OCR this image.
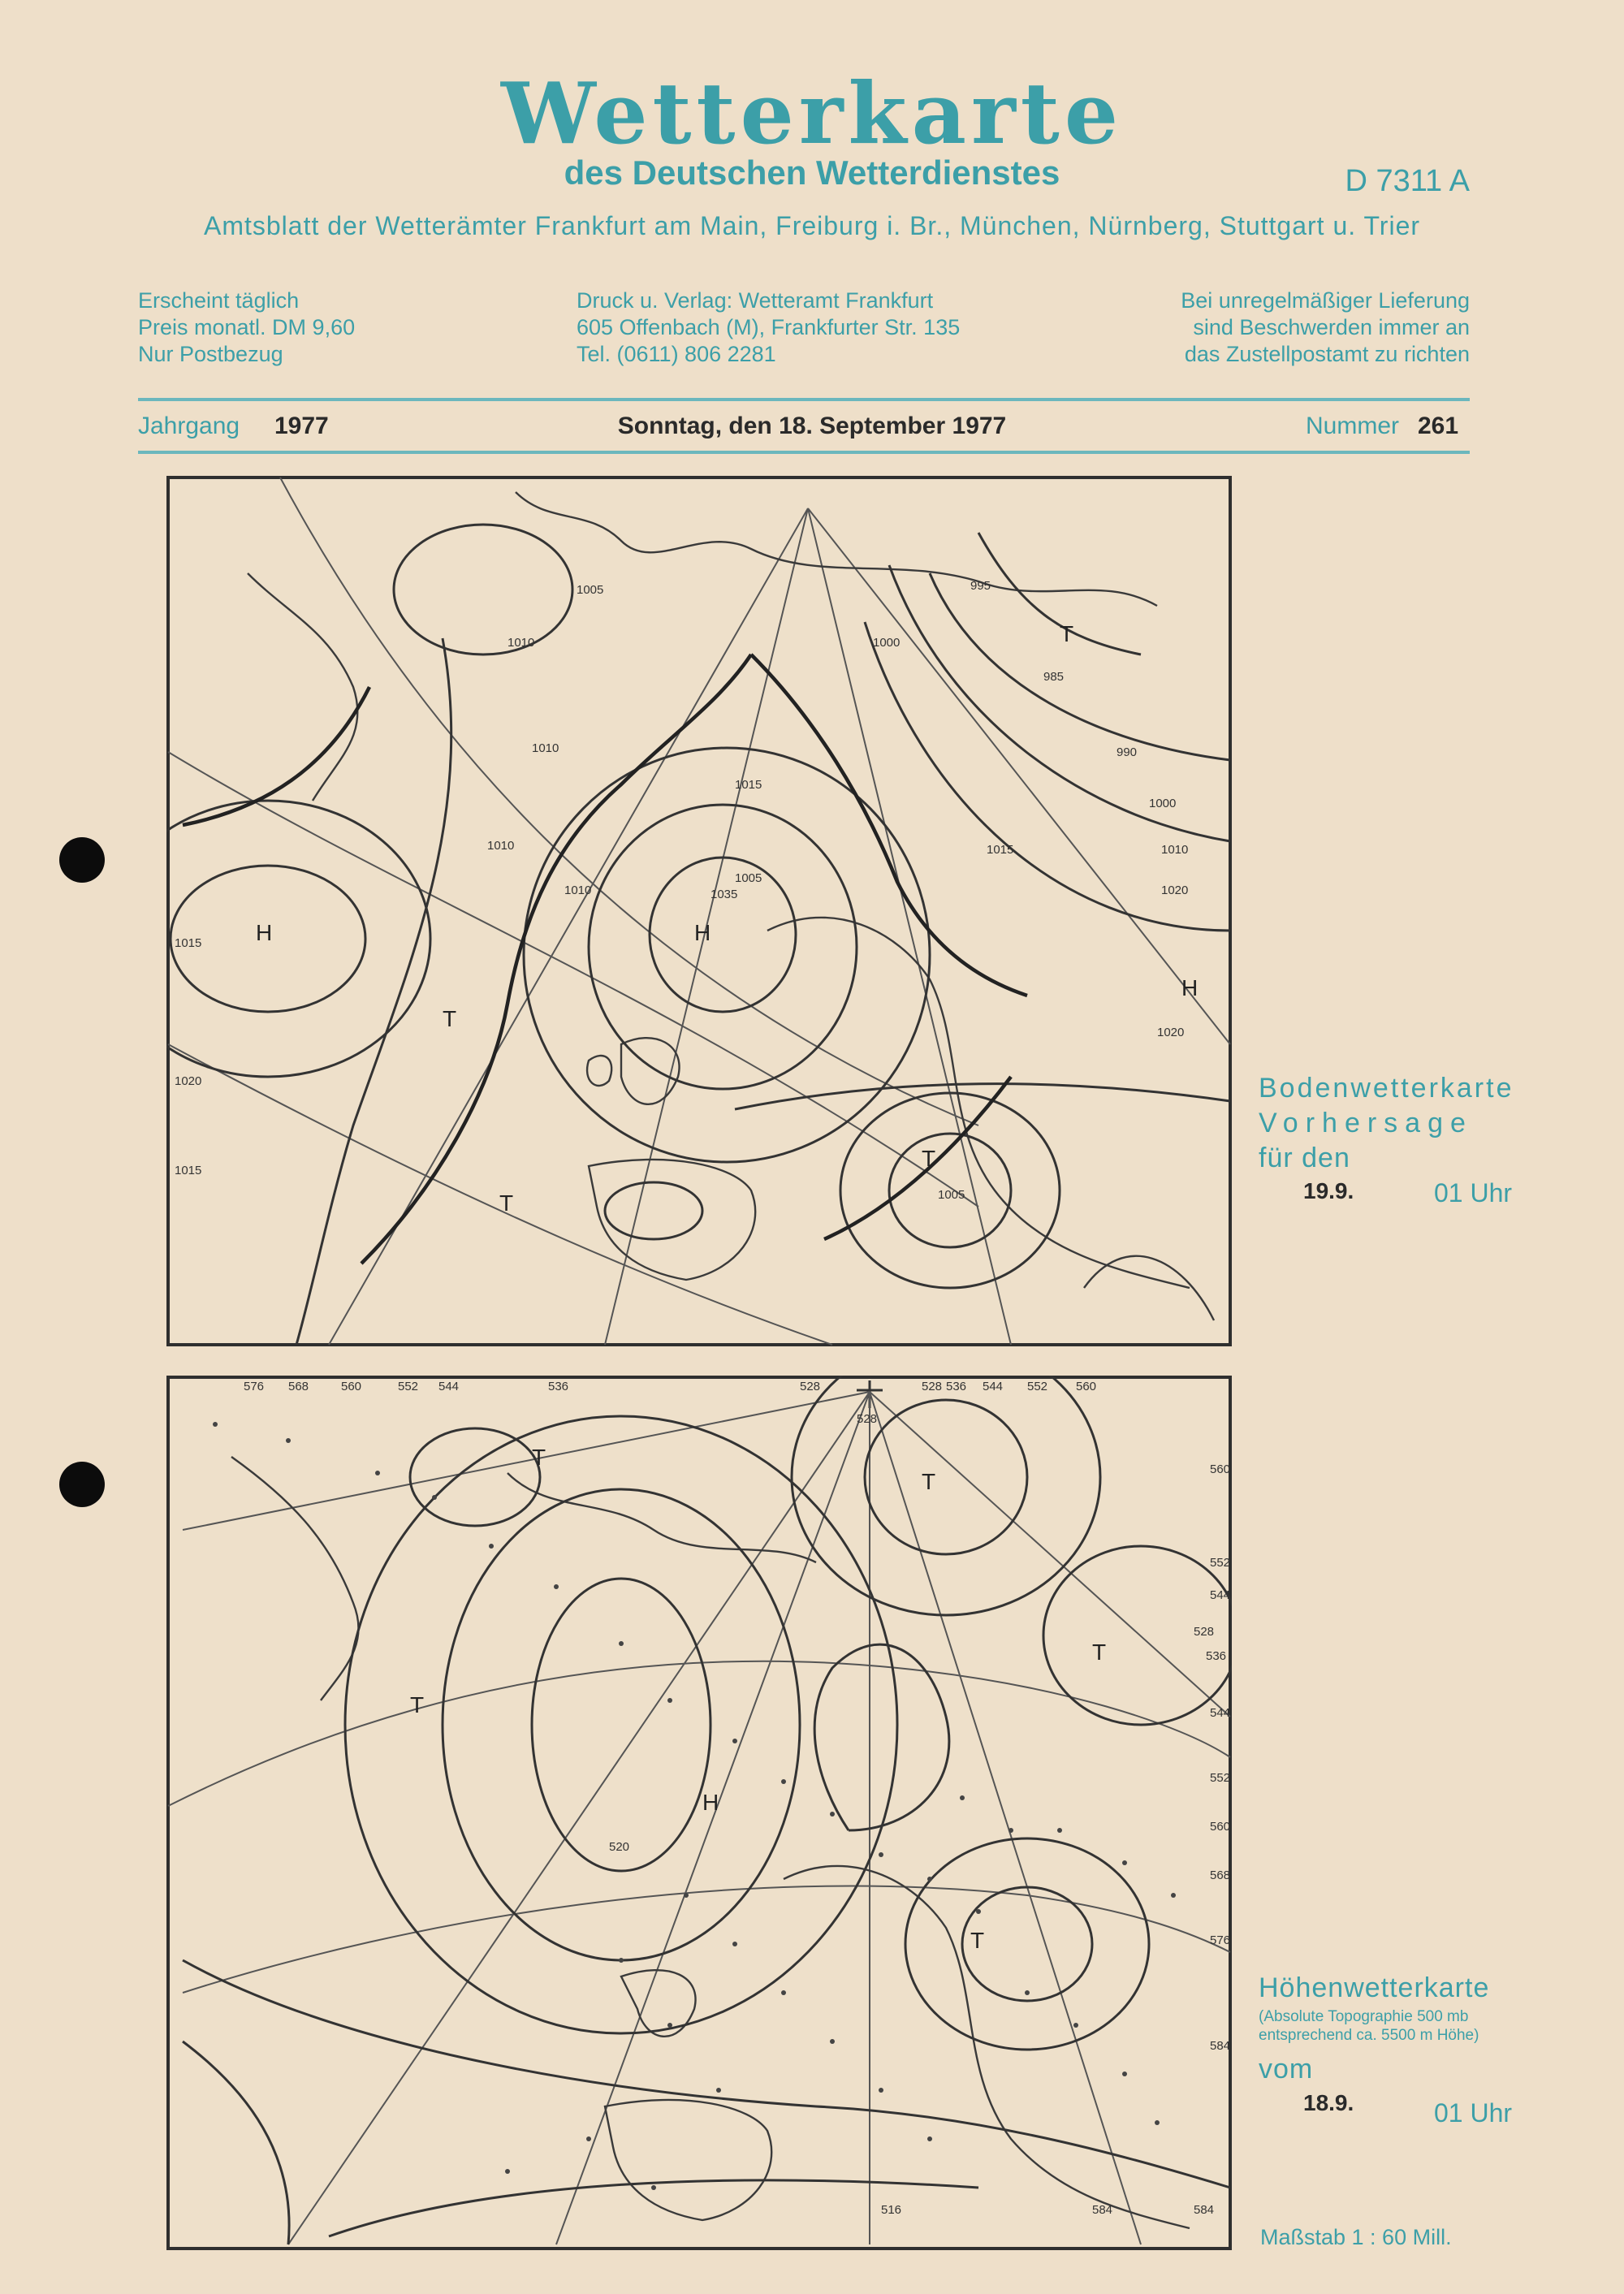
Wetterkarte
des Deutschen Wetterdienstes	D 7311 A
Amtsblatt der Wetterämter Frankfurt am Main, Freiburg i. Br., München, Nürnberg, Stuttgart u. Trier
Erscheint täglich
Preis monatl. DM 9,60
Nur Postbezug
Druck u. Verlag: Wetteramt Frankfurt
605 Offenbach (M), Frankfurter Str. 135
Tel. (0611) 806 2281
Bei unregelmäßiger Lieferung
sind Beschwerden immer an
das Zustellpostamt zu richten
Jahrgang 1977	Sonntag, den 18. September 1977	Nummer 261
H	H
H
T
T
T
T
1015
1020
1015
1010
1005
1010	1035
1015
1010
1005
995
985
990
1000
1010
1020
1020
1015
1010
1005
1000
Bodenwetterkarte
Vorhersage
für den
19.9.	01 Uhr
T
T
T
T
H
T
576 568	560	552 544	536	528	528 536 544 552 560
560
552
544
528
536
544
552
560
568
576
584
584
584
516
520
528
Höhenwetterkarte
(Absolute Topographie 500 mb
entsprechend ca. 5500 m Höhe)
vom
18.9.	01 Uhr
Maßstab 1 : 60 Mill.
